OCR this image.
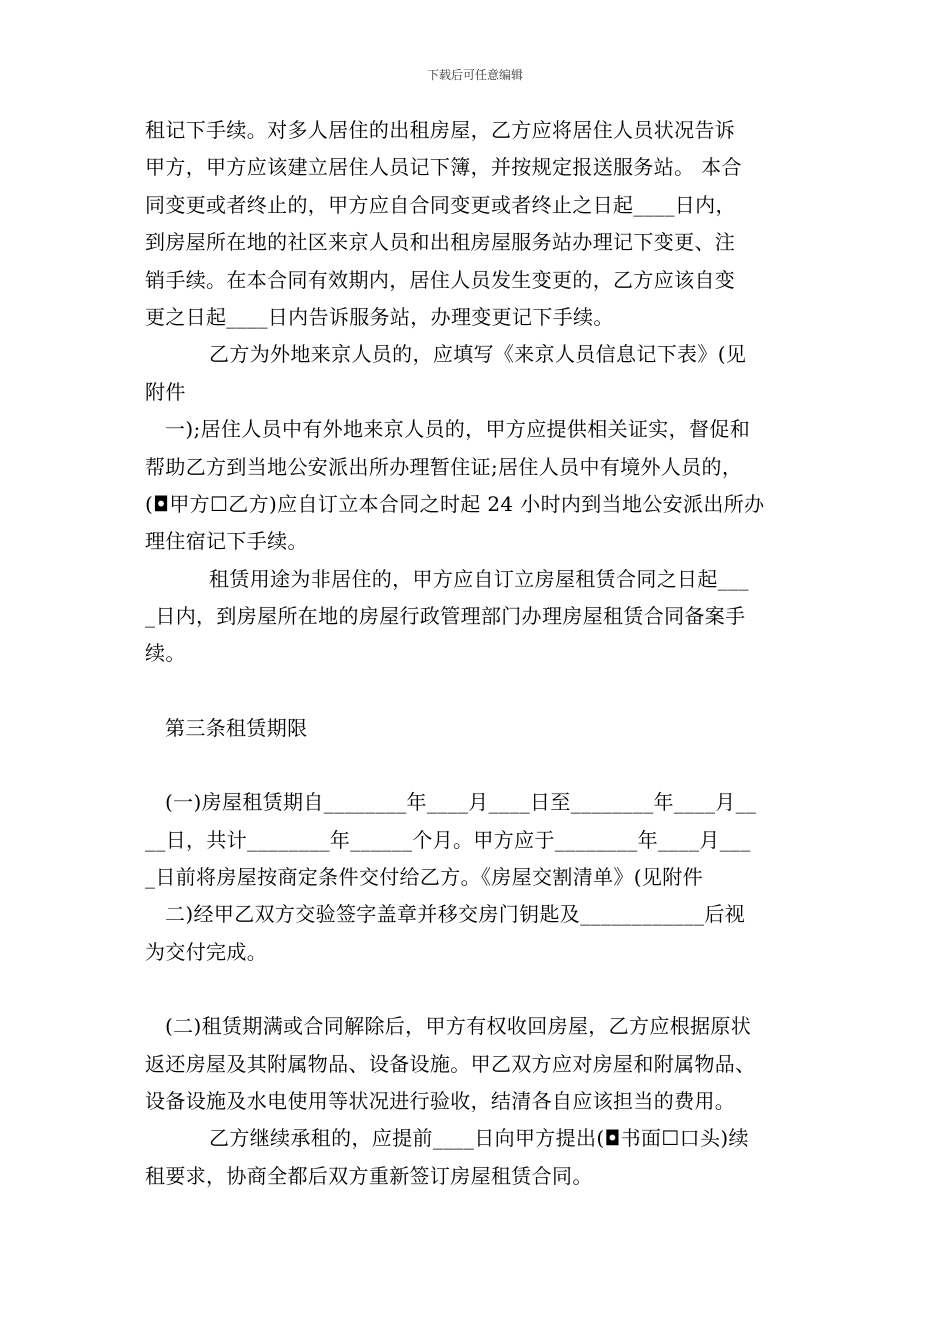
下载后可任意编辑
租记下手续。对多人居住的出租房屋，乙方应将居住人员状况告诉
甲方，甲方应该建立居住人员记下簿，并按规定报送服务站。 本合
同变更或者终止的，甲方应自合同变更或者终止之日起____日内，
到房屋所在地的社区来京人员和出租房屋服务站办理记下变更、注
销手续。在本合同有效期内，居住人员发生变更的，乙方应该自变
更之日起____日内告诉服务站，办理变更记下手续。
乙方为外地来京人员的，应填写《来京人员信息记下表》(见
附件
一);居住人员中有外地来京人员的，甲方应提供相关证实，督促和
帮助乙方到当地公安派出所办理暂住证;居住人员中有境外人员的，
(◘甲方☐乙方)应自订立本合同之时起 24 小时内到当地公安派出所办
理住宿记下手续。
租赁用途为非居住的，甲方应自订立房屋租赁合同之日起___
_日内，到房屋所在地的房屋行政管理部门办理房屋租赁合同备案手
续。
第三条租赁期限
(一)房屋租赁期自________年____月____日至________年____月__
__日，共计________年______个月。甲方应于________年____月___
_日前将房屋按商定条件交付给乙方。《房屋交割清单》(见附件
二)经甲乙双方交验签字盖章并移交房门钥匙及____________后视
为交付完成。
(二)租赁期满或合同解除后，甲方有权收回房屋，乙方应根据原状
返还房屋及其附属物品、设备设施。甲乙双方应对房屋和附属物品、
设备设施及水电使用等状况进行验收，结清各自应该担当的费用。
乙方继续承租的，应提前____日向甲方提出(◘书面☐口头)续
租要求，协商全都后双方重新签订房屋租赁合同。
